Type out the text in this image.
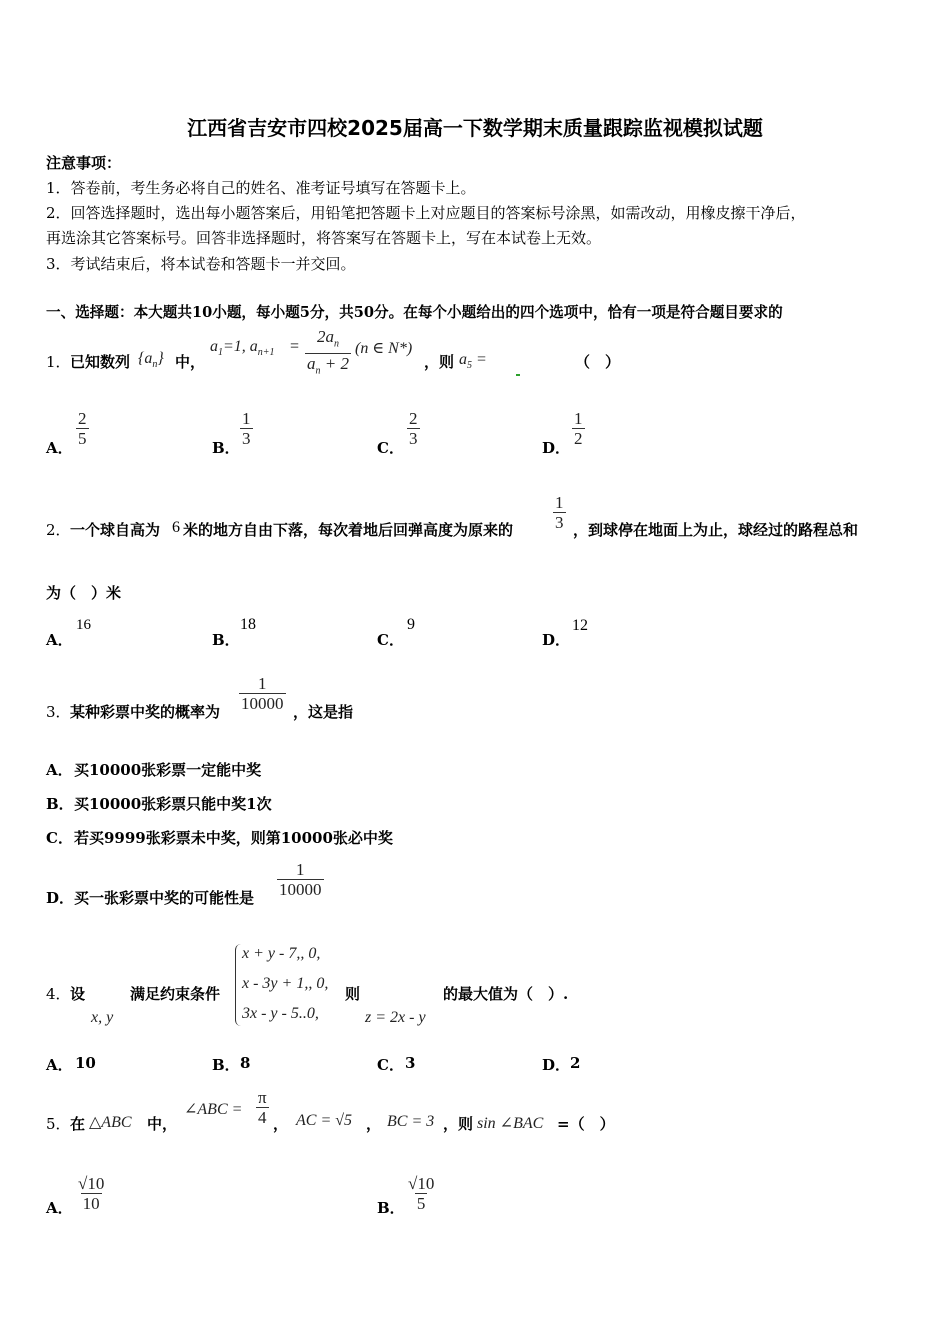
江西省吉安市四校2025届高一下数学期末质量跟踪监视模拟试题
注意事项：
1．答卷前，考生务必将自己的姓名、准考证号填写在答题卡上。
2．回答选择题时，选出每小题答案后，用铅笔把答题卡上对应题目的答案标号涂黑，如需改动，用橡皮擦干净后，
再选涂其它答案标号。回答非选择题时，将答案写在答题卡上，写在本试卷上无效。
3．考试结束后，将本试卷和答题卡一并交回。
一、选择题：本大题共10小题，每小题5分，共50分。在每个小题给出的四个选项中，恰有一项是符合题目要求的
1． 已知数列 $\{a_n\}$ 中，
$a_1=1$, $a_{n+1} = \frac{2a_n}{a_n + 2} (n$ ∈ N*)
，则 $a_5$ =	（　）
A． $\frac{2}{5}$	B． $\frac{1}{3}$	C． $\frac{2}{3}$	D． $\frac{1}{2}$
2． 一个球自高为 6 米的地方自由下落，每次着地后回弹高度为原来的 $\frac{1}{3}$ ，到球停在地面上为止，球经过的路程总和
为（　）米
A．
16
B．
18
C．
9
D．
12
3． 某种彩票中奖的概率为 $\frac{1}{10000}$ ，这是指
A． 买10000张彩票一定能中奖
B． 买10000张彩票只能中奖1次
C． 若买9999张彩票未中奖，则第10000张必中奖
D． 买一张彩票中奖的可能性是 $\frac{1}{10000}$
4． 设
x, y
满足约束条件
x + y - 7,, 0,
x - 3y + 1,, 0,
3x - y - 5..0,
则
z = 2x - y
的最大值为（　）.
A． 10	B． 8	C． 3	D． 2
5． 在 △ABC 中，
∠ABC = $\frac{\pi}{4}$ ， AC = √5 ， BC = 3 ，则 sin ∠BAC =（　）
A． $\frac{√10}{10}$	B． $\frac{√10}{5}$
